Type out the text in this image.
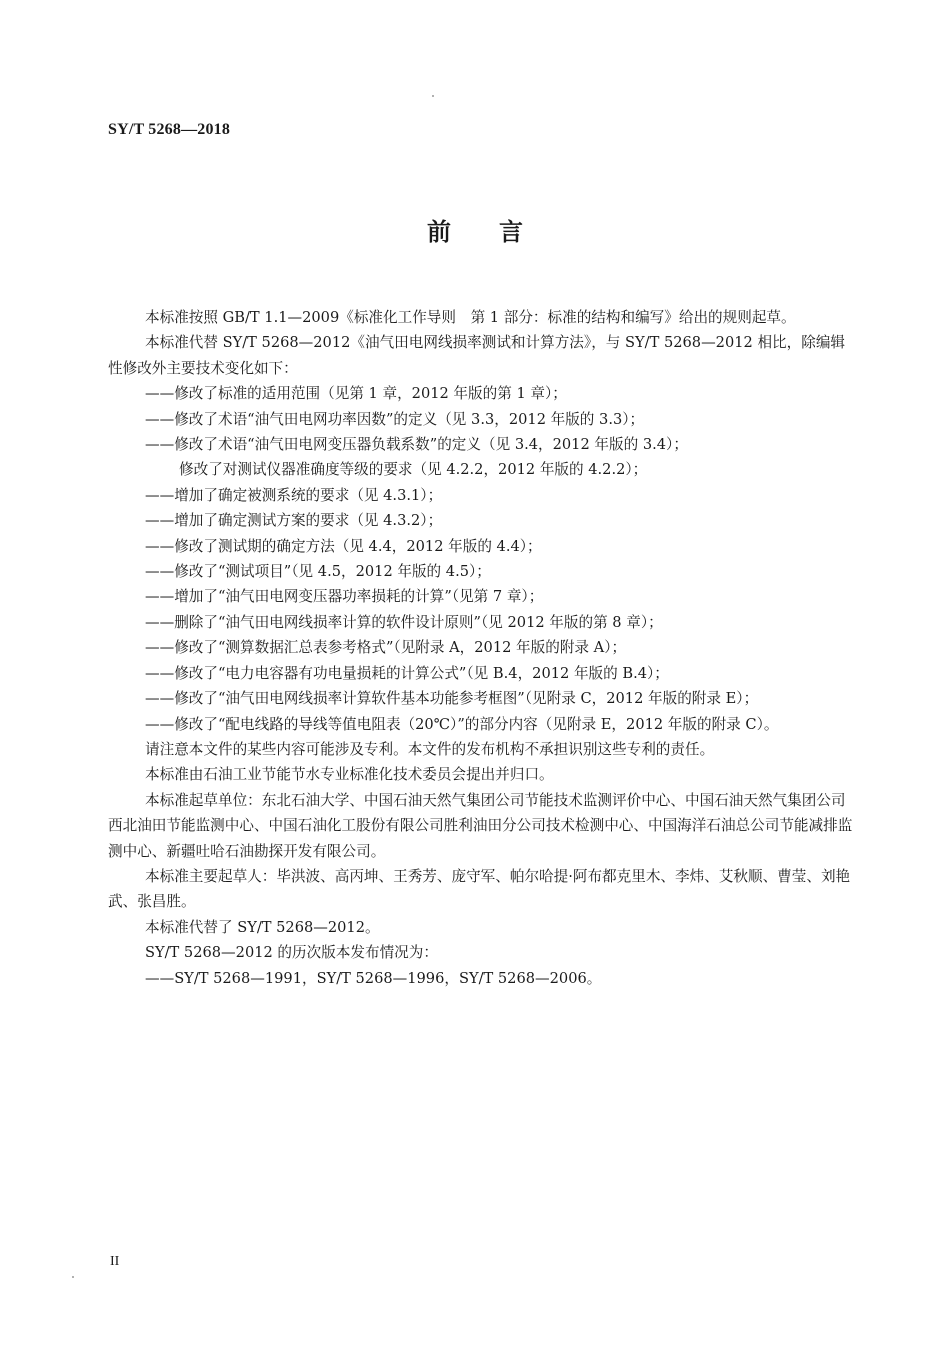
SY/T 5268—2018
前 言

本标准按照 GB/T 1.1—2009《标准化工作导则　第 1 部分：标准的结构和编写》给出的规则起草。

本标准代替 SY/T 5268—2012《油气田电网线损率测试和计算方法》，与 SY/T 5268—2012 相比，除编辑性修改外主要技术变化如下：

——修改了标准的适用范围（见第 1 章，2012 年版的第 1 章）；

——修改了术语“油气田电网功率因数”的定义（见 3.3，2012 年版的 3.3）；

——修改了术语“油气田电网变压器负载系数”的定义（见 3.4，2012 年版的 3.4）；

修改了对测试仪器准确度等级的要求（见 4.2.2，2012 年版的 4.2.2）；

——增加了确定被测系统的要求（见 4.3.1）；

——增加了确定测试方案的要求（见 4.3.2）；

——修改了测试期的确定方法（见 4.4，2012 年版的 4.4）；

——修改了“测试项目”（见 4.5，2012 年版的 4.5）；

——增加了“油气田电网变压器功率损耗的计算”（见第 7 章）；

——删除了“油气田电网线损率计算的软件设计原则”（见 2012 年版的第 8 章）；

——修改了“测算数据汇总表参考格式”（见附录 A，2012 年版的附录 A）；

——修改了“电力电容器有功电量损耗的计算公式”（见 B.4，2012 年版的 B.4）；

——修改了“油气田电网线损率计算软件基本功能参考框图”（见附录 C，2012 年版的附录 E）；

——修改了“配电线路的导线等值电阻表（20℃）”的部分内容（见附录 E，2012 年版的附录 C）。

请注意本文件的某些内容可能涉及专利。本文件的发布机构不承担识别这些专利的责任。

本标准由石油工业节能节水专业标准化技术委员会提出并归口。

本标准起草单位：东北石油大学、中国石油天然气集团公司节能技术监测评价中心、中国石油天然气集团公司西北油田节能监测中心、中国石油化工股份有限公司胜利油田分公司技术检测中心、中国海洋石油总公司节能减排监测中心、新疆吐哈石油勘探开发有限公司。

本标准主要起草人：毕洪波、高丙坤、王秀芳、庞守军、帕尔哈提·阿布都克里木、李炜、艾秋顺、曹莹、刘艳武、张昌胜。

本标准代替了 SY/T 5268—2012。

SY/T 5268—2012 的历次版本发布情况为：

——SY/T 5268—1991，SY/T 5268—1996，SY/T 5268—2006。

II
